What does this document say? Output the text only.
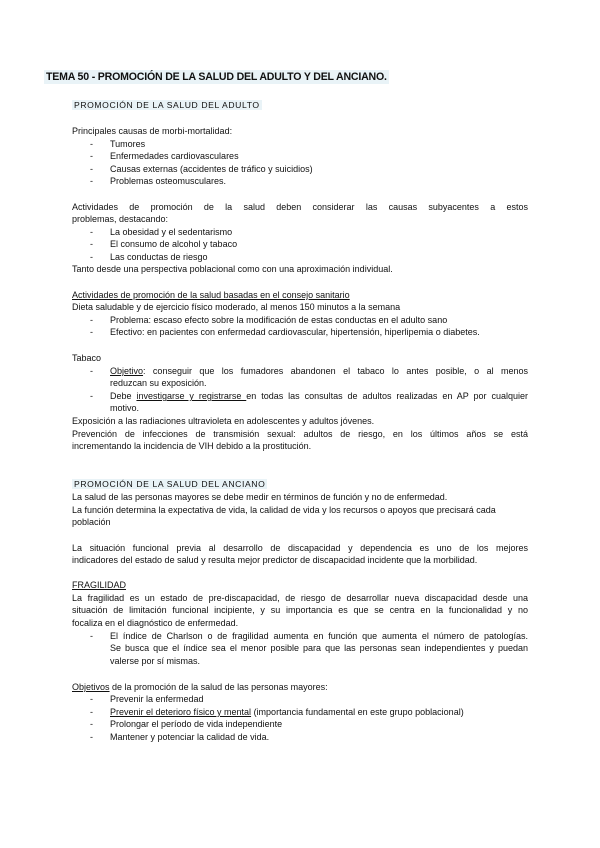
TEMA 50 - PROMOCIÓN DE LA SALUD DEL ADULTO Y DEL ANCIANO.
PROMOCIÓN DE LA SALUD DEL ADULTO
Principales causas de morbi-mortalidad:
- Tumores
- Enfermedades cardiovasculares
- Causas externas (accidentes de tráfico y suicidios)
- Problemas osteomusculares.
Actividades de promoción de la salud deben considerar las causas subyacentes a estos
problemas, destacando:
- La obesidad y el sedentarismo
- El consumo de alcohol y tabaco
- Las conductas de riesgo
Tanto desde una perspectiva poblacional como con una aproximación individual.
Actividades de promoción de la salud basadas en el consejo sanitario
Dieta saludable y de ejercicio físico moderado, al menos 150 minutos a la semana
- Problema: escaso efecto sobre la modificación de estas conductas en el adulto sano
- Efectivo: en pacientes con enfermedad cardiovascular, hipertensión, hiperlipemia o diabetes.
Tabaco
- Objetivo: conseguir que los fumadores abandonen el tabaco lo antes posible, o al menos
reduzcan su exposición.
- Debe investigarse y registrarse en todas las consultas de adultos realizadas en AP por cualquier
motivo.
Exposición a las radiaciones ultravioleta en adolescentes y adultos jóvenes.
Prevención de infecciones de transmisión sexual: adultos de riesgo, en los últimos años se está
incrementando la incidencia de VIH debido a la prostitución.
PROMOCIÓN DE LA SALUD DEL ANCIANO
La salud de las personas mayores se debe medir en términos de función y no de enfermedad.
La función determina la expectativa de vida, la calidad de vida y los recursos o apoyos que precisará cada
población
La situación funcional previa al desarrollo de discapacidad y dependencia es uno de los mejores
indicadores del estado de salud y resulta mejor predictor de discapacidad incidente que la morbilidad.
FRAGILIDAD
La fragilidad es un estado de pre-discapacidad, de riesgo de desarrollar nueva discapacidad desde una
situación de limitación funcional incipiente, y su importancia es que se centra en la funcionalidad y no
focaliza en el diagnóstico de enfermedad.
- El índice de Charlson o de fragilidad aumenta en función que aumenta el número de patologías.
Se busca que el índice sea el menor posible para que las personas sean independientes y puedan
valerse por sí mismas.
Objetivos de la promoción de la salud de las personas mayores:
- Prevenir la enfermedad
- Prevenir el deterioro físico y mental (importancia fundamental en este grupo poblacional)
- Prolongar el período de vida independiente
- Mantener y potenciar la calidad de vida.
